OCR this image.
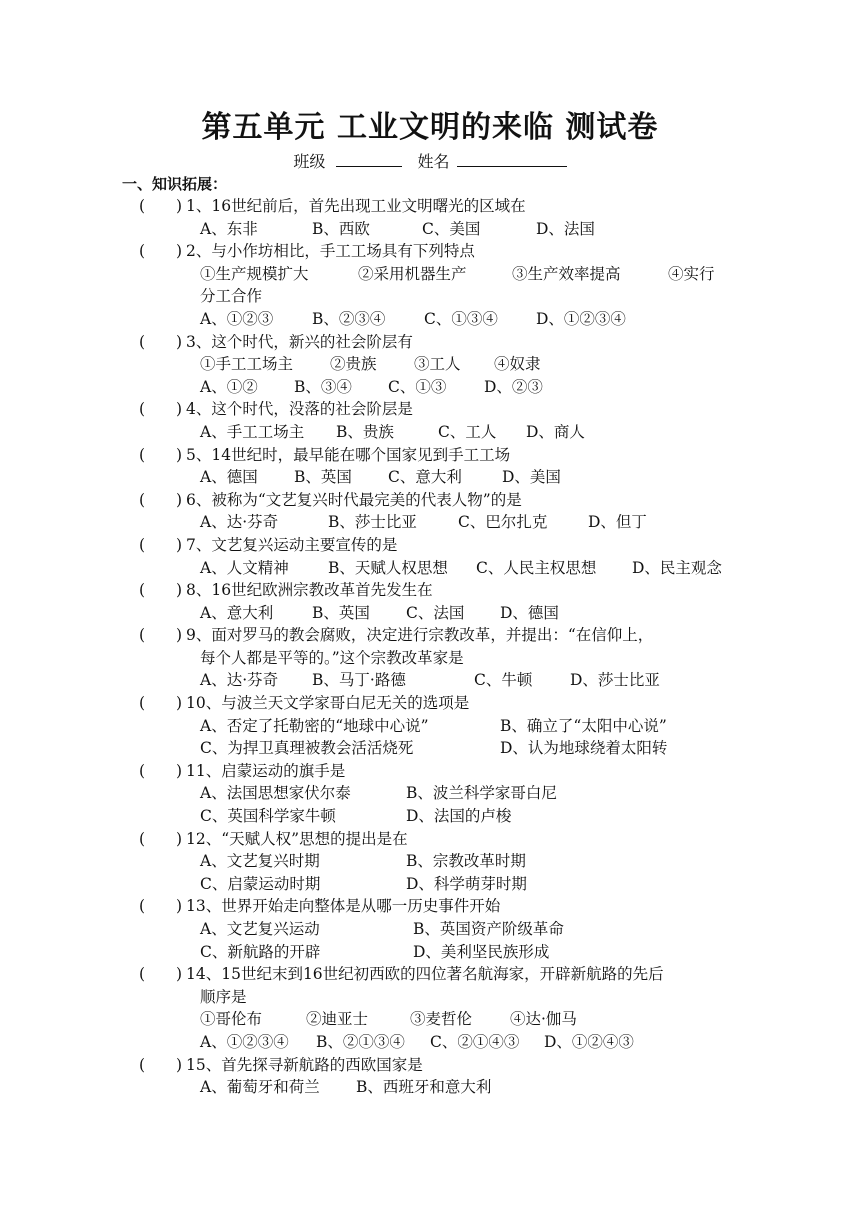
第五单元 工业文明的来临 测试卷
班级	姓名
一、知识拓展：
(　　) 1、16世纪前后，首先出现工业文明曙光的区域在
A、东非	B、西欧	C、美国	D、法国
(　　) 2、与小作坊相比，手工工场具有下列特点
①生产规模扩大	②采用机器生产	③生产效率提高	④实行
分工合作
A、①②③	B、②③④ C、①③④ D、①②③④
(　　) 3、这个时代，新兴的社会阶层有
①手工工场主 ②贵族 ③工人 ④奴隶
A、①② B、③④ C、①③ D、②③
(　　) 4、这个时代，没落的社会阶层是
A、手工工场主 B、贵族	C、工人 D、商人
(　　) 5、14世纪时，最早能在哪个国家见到手工工场
A、德国 B、英国 C、意大利	D、美国
(　　) 6、被称为“文艺复兴时代最完美的代表人物”的是
A、达·芬奇	B、莎士比亚	C、巴尔扎克	D、但丁
(　　) 7、文艺复兴运动主要宣传的是
A、人文精神	B、天赋人权思想 C、人民主权思想 D、民主观念
(　　) 8、16世纪欧洲宗教改革首先发生在
A、意大利	B、英国 C、法国 D、德国
(　　) 9、面对罗马的教会腐败，决定进行宗教改革，并提出：“在信仰上，
每个人都是平等的。”这个宗教改革家是
A、达·芬奇 B、马丁·路德	C、牛顿 D、莎士比亚
(　　) 10、与波兰天文学家哥白尼无关的选项是
A、否定了托勒密的“地球中心说”	B、确立了“太阳中心说”
C、为捍卫真理被教会活活烧死	D、认为地球绕着太阳转
(　　) 11、启蒙运动的旗手是
A、法国思想家伏尔泰	B、波兰科学家哥白尼
C、英国科学家牛顿	D、法国的卢梭
(　　) 12、“天赋人权”思想的提出是在
A、文艺复兴时期	B、宗教改革时期
C、启蒙运动时期	D、科学萌芽时期
(　　) 13、世界开始走向整体是从哪一历史事件开始
A、文艺复兴运动	B、英国资产阶级革命
C、新航路的开辟	D、美利坚民族形成
(　　) 14、15世纪末到16世纪初西欧的四位著名航海家，开辟新航路的先后
顺序是
①哥伦布	②迪亚士	③麦哲伦 ④达·伽马
A、①②③④ B、②①③④ C、②①④③ D、①②④③
(　　) 15、首先探寻新航路的西欧国家是
A、葡萄牙和荷兰 B、西班牙和意大利
